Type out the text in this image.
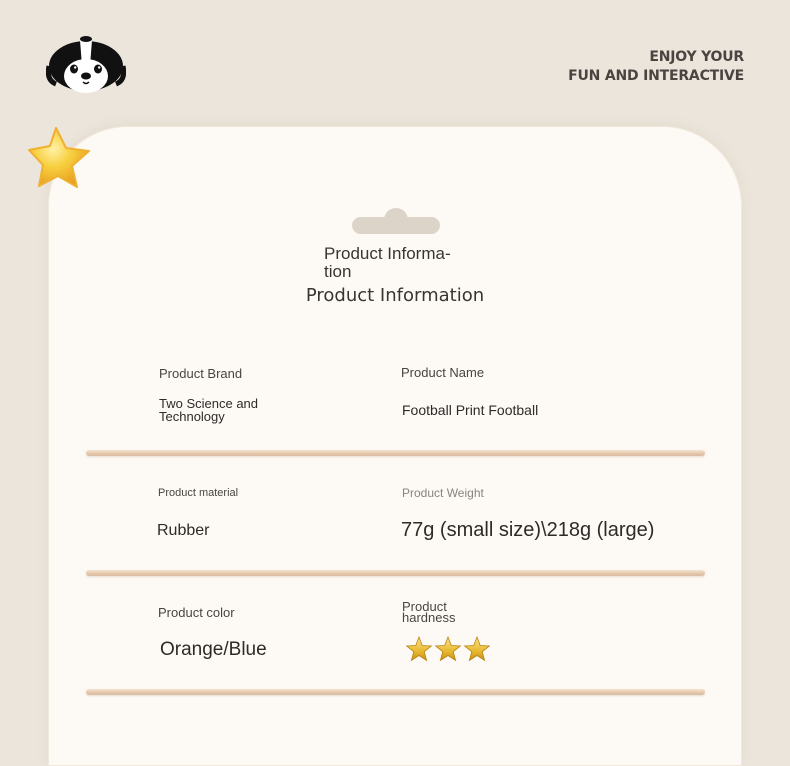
ENJOY YOUR
FUN AND INTERACTIVE
Product Informa-tion
Product Information
Product Brand
Two Science and Technology
Product Name
Football Print Football
Product material
Rubber
Product Weight
77g (small size)\218g (large)
Product color
Orange/Blue
Product hardness
